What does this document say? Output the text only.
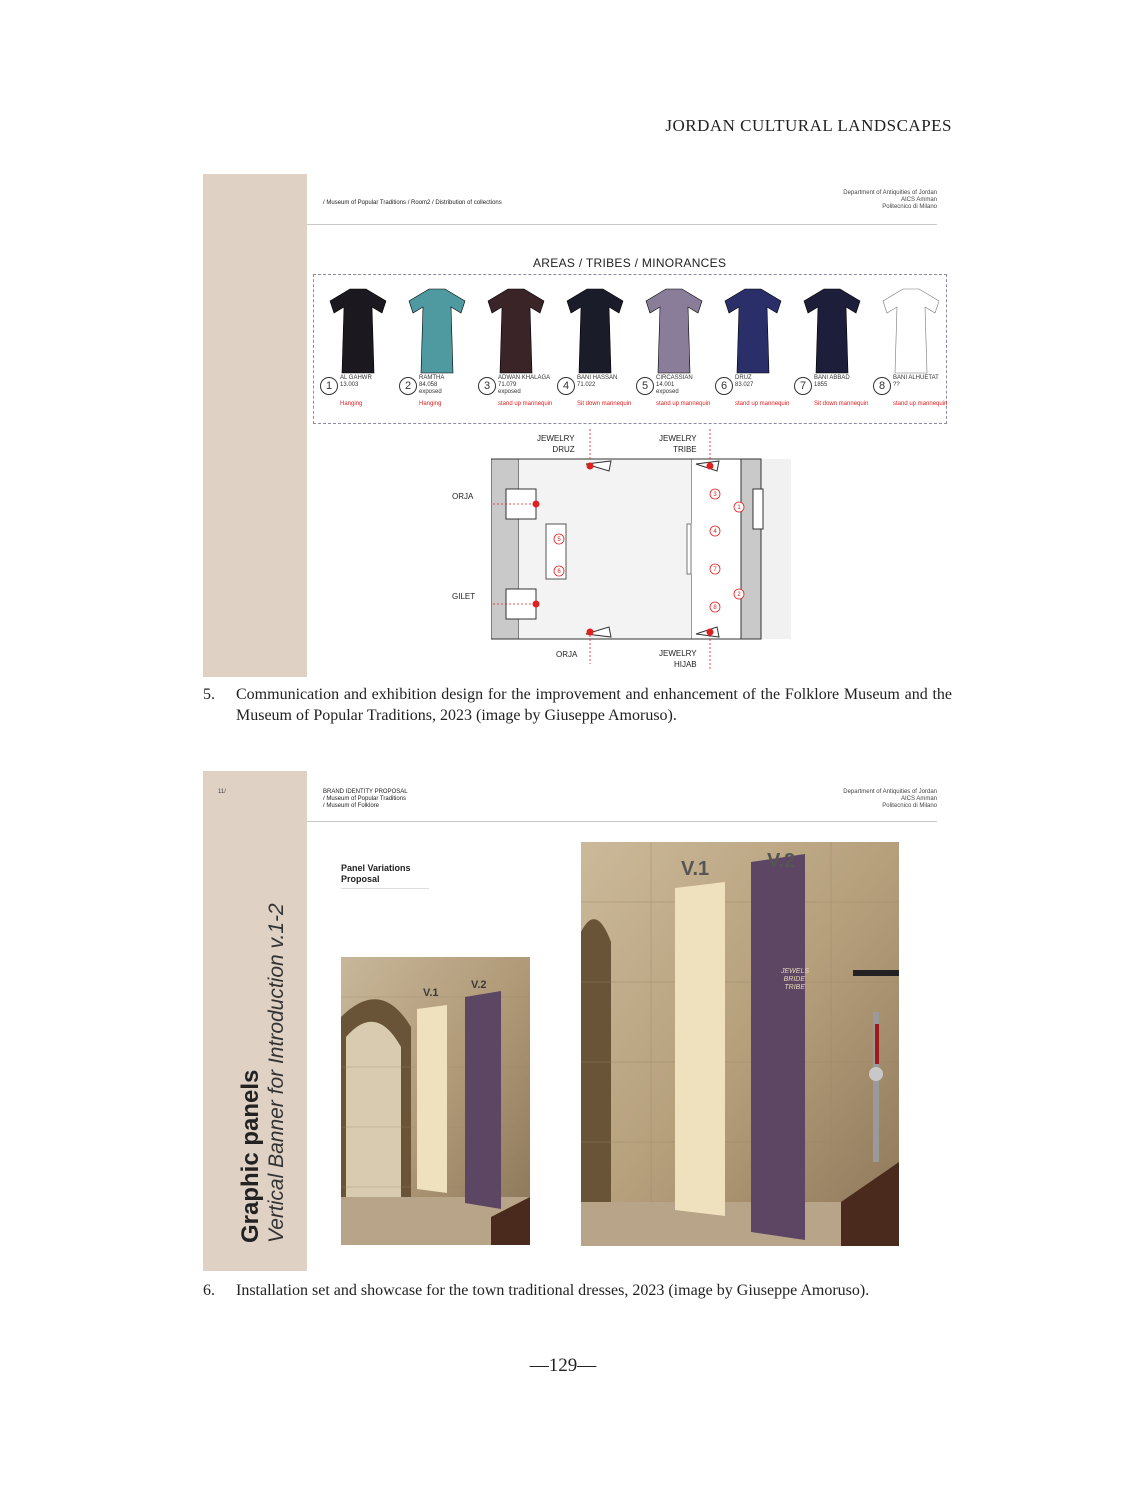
JORDAN CULTURAL LANDSCAPES
/ Museum of Popular Traditions / Room2 / Distribution of collections
Department of Antiquities of Jordan
AICS Amman
Politecnico di Milano
AREAS / TRIBES / MINORANCES
1
AL GAHWR
13.003
Hanging
2
RAMTHA
84.058
exposed
Hanging
3
ADWAN KHALAGA
71.079
exposed
stand up mannequin
4
BANI HASSAN
71.022
Sit down mannequin
5
CIRCASSIAN
14.001
exposed
stand up mannequin
6
DRUZ
83.027
stand up mannequin
7
BANI ABBAD
1855
Sit down mannequin
8
BANI ALHUETAT
??
stand up mannequin
3
1
4
7
2
8
5
6
JEWELRY
DRUZ
JEWELRY
TRIBE
ORJA
GILET
ORJA	JEWELRY
HIJAB
5.	Communication and exhibition design for the improvement and enhancement of the Folklore Museum and the Museum of Popular Traditions, 2023 (image by Giuseppe Amoruso).
11/
Graphic panels Vertical Banner for Introduction v.1-2
BRAND IDENTITY PROPOSAL
/ Museum of Popular Traditions
/ Museum of Folklore
Department of Antiquities of Jordan
AICS Amman
Politecnico di Milano
Panel Variations
Proposal
V.1
V.2
V.1	V.2
JEWELS
BRIDE
TRIBE
6.	Installation set and showcase for the town traditional dresses, 2023 (image by Giuseppe Amoruso).
—129—
